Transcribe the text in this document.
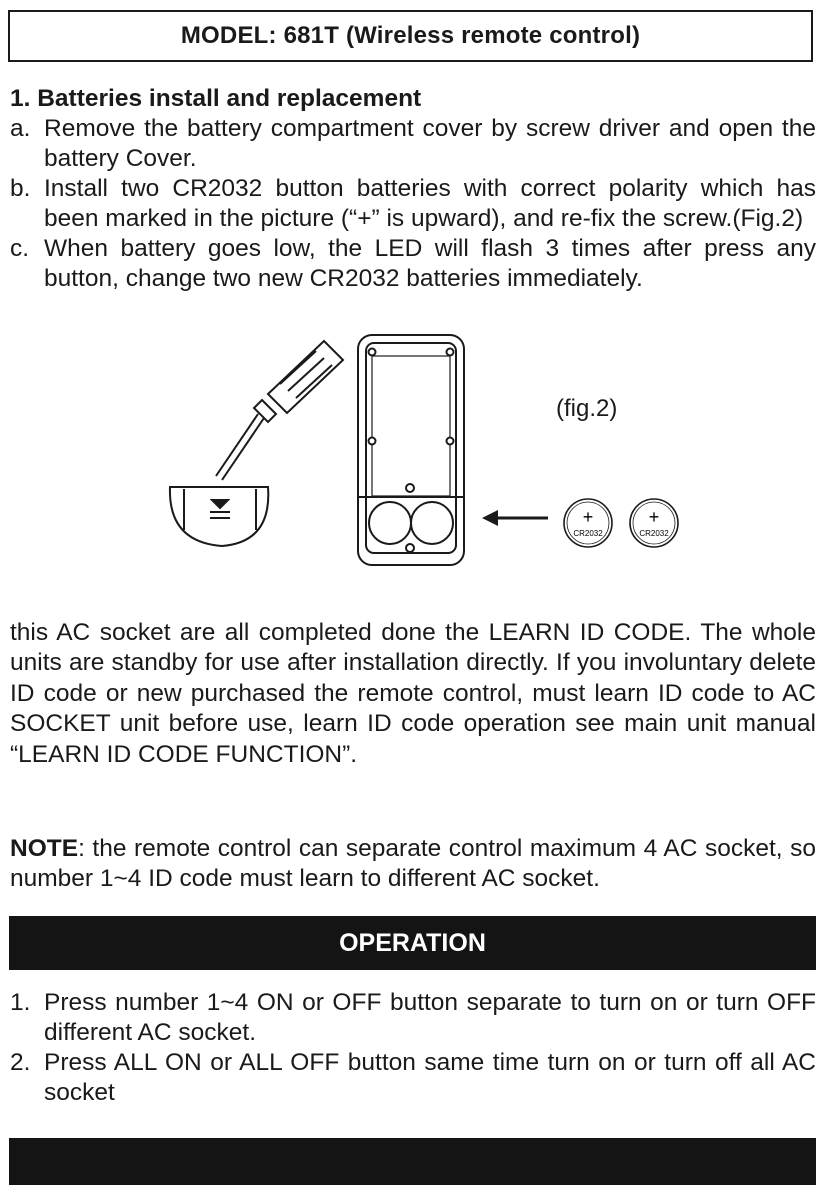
MODEL: 681T (Wireless remote control)

1. Batteries install and replacement

a. Remove the battery compartment cover by screw driver and open the battery Cover.

b. Install two CR2032 button batteries with correct polarity which has been marked in the picture (“+” is upward), and re-fix the screw.(Fig.2)

c. When battery goes low, the LED will flash 3 times after press any button, change two new CR2032 batteries immediately.

+
CR2032
+
CR2032
(fig.2)

this AC socket are all completed done the LEARN ID CODE. The whole units are standby for use after installation directly. If you involuntary delete ID code or new purchased the remote control, must learn ID code to AC SOCKET unit before use, learn ID code operation see main unit manual “LEARN ID CODE FUNCTION”.

NOTE: the remote control can separate control maximum 4 AC socket, so number 1~4 ID code must learn to different AC socket.

OPERATION

1. Press number 1~4 ON or OFF button separate to turn on or turn OFF different AC socket.

2. Press ALL ON or ALL OFF button same time turn on or turn off all AC socket
